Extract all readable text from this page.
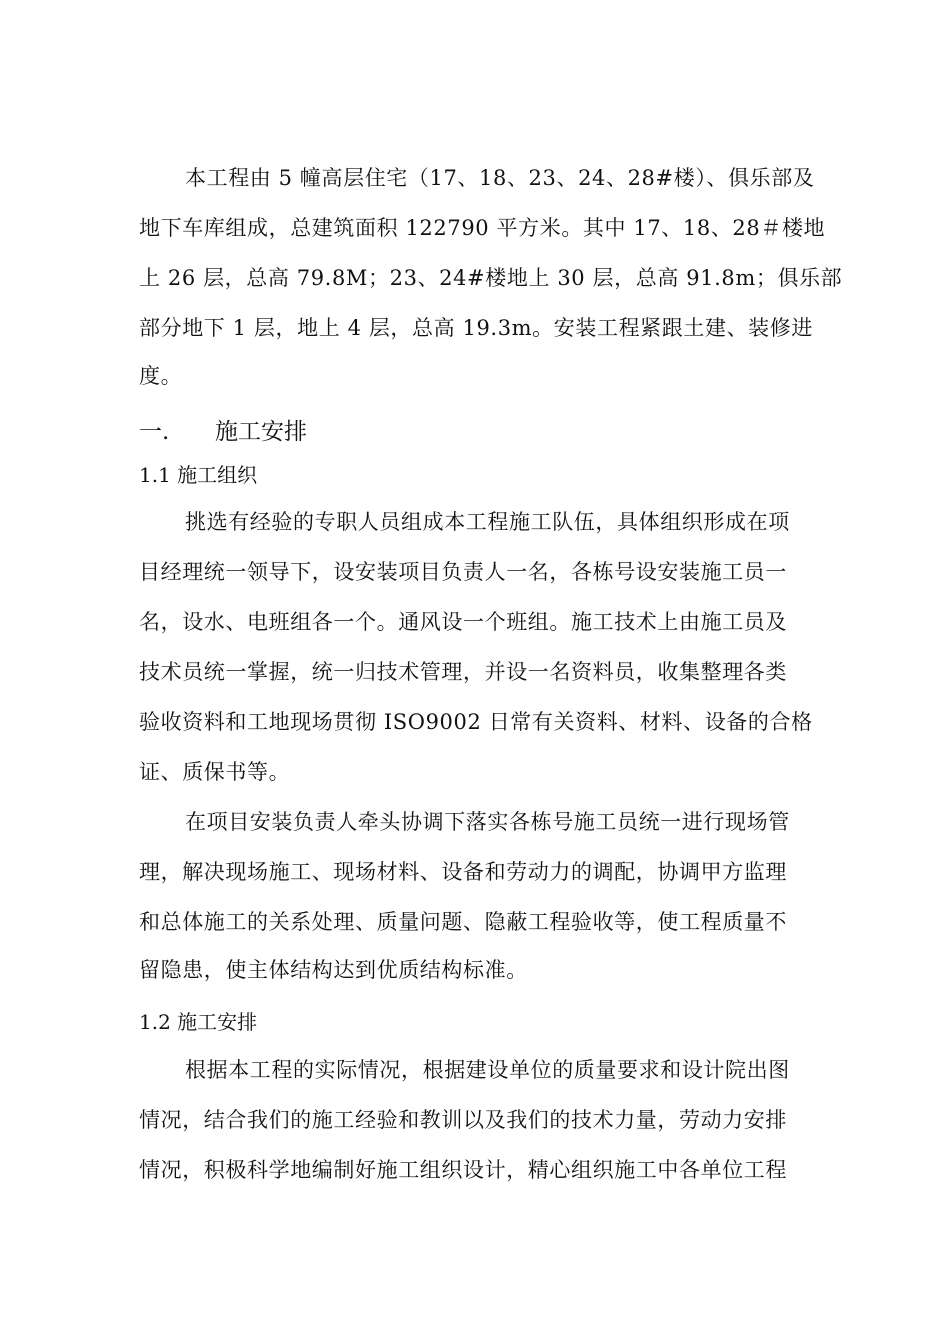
本工程由 5 幢高层住宅（17、18、23、24、28#楼）、俱乐部及
地下车库组成，总建筑面积 122790 平方米。其中 17、18、28＃楼地
上 26 层，总高 79.8M；23、24#楼地上 30 层，总高 91.8m；俱乐部
部分地下 1 层，地上 4 层，总高 19.3m。安装工程紧跟土建、装修进
度。
一. 施工安排
1.1 施工组织
挑选有经验的专职人员组成本工程施工队伍，具体组织形成在项
目经理统一领导下，设安装项目负责人一名，各栋号设安装施工员一
名，设水、电班组各一个。通风设一个班组。施工技术上由施工员及
技术员统一掌握，统一归技术管理，并设一名资料员，收集整理各类
验收资料和工地现场贯彻 ISO9002 日常有关资料、材料、设备的合格
证、质保书等。
在项目安装负责人牵头协调下落实各栋号施工员统一进行现场管
理，解决现场施工、现场材料、设备和劳动力的调配，协调甲方监理
和总体施工的关系处理、质量问题、隐蔽工程验收等，使工程质量不
留隐患，使主体结构达到优质结构标准。
1.2 施工安排
根据本工程的实际情况，根据建设单位的质量要求和设计院出图
情况，结合我们的施工经验和教训以及我们的技术力量，劳动力安排
情况，积极科学地编制好施工组织设计，精心组织施工中各单位工程
